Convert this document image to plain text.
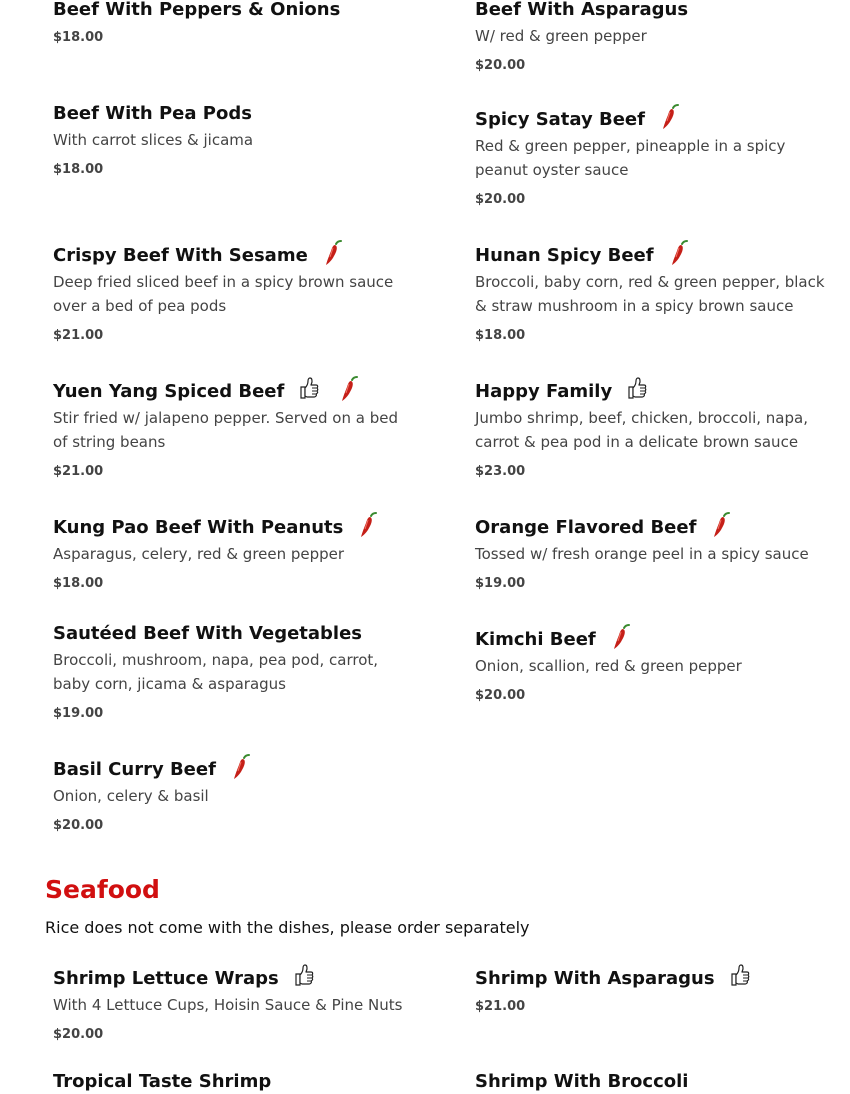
Beef With Peppers & Onions
$18.00
Beef With Asparagus
W/ red & green pepper
$20.00
Beef With Pea Pods
With carrot slices & jicama
$18.00
Spicy Satay Beef
Red & green pepper, pineapple in a spicy peanut oyster sauce
$20.00
Crispy Beef With Sesame
Deep fried sliced beef in a spicy brown sauce over a bed of pea pods
$21.00
Hunan Spicy Beef
Broccoli, baby corn, red & green pepper, black & straw mushroom in a spicy brown sauce
$18.00
Yuen Yang Spiced Beef
Stir fried w/ jalapeno pepper. Served on a bed of string beans
$21.00
Happy Family
Jumbo shrimp, beef, chicken, broccoli, napa, carrot & pea pod in a delicate brown sauce
$23.00
Kung Pao Beef With Peanuts
Asparagus, celery, red & green pepper
$18.00
Orange Flavored Beef
Tossed w/ fresh orange peel in a spicy sauce
$19.00
Sautéed Beef With Vegetables
Broccoli, mushroom, napa, pea pod, carrot, baby corn, jicama & asparagus
$19.00
Kimchi Beef
Onion, scallion, red & green pepper
$20.00
Basil Curry Beef
Onion, celery & basil
$20.00
Seafood
Rice does not come with the dishes, please order separately
Shrimp Lettuce Wraps
With 4 Lettuce Cups, Hoisin Sauce & Pine Nuts
$20.00
Shrimp With Asparagus
$21.00
Tropical Taste Shrimp	Shrimp With Broccoli
